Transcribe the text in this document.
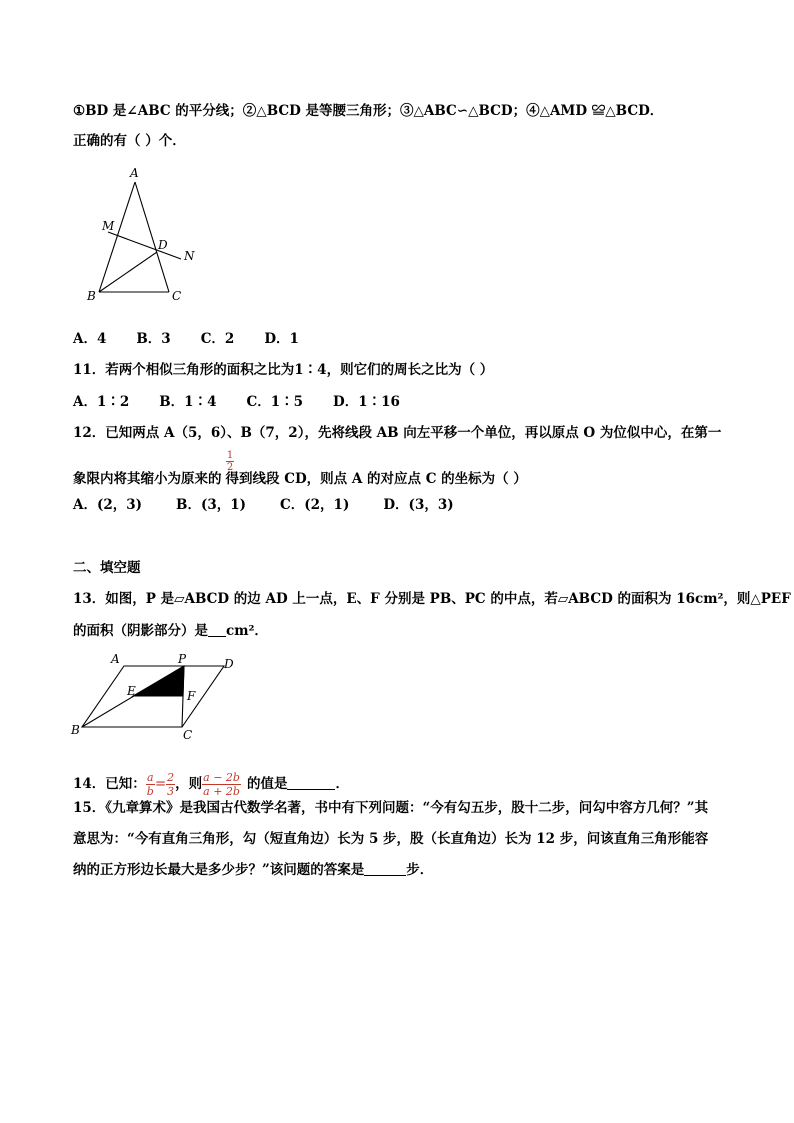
①BD 是∠ABC 的平分线；②△BCD 是等腰三角形；③△ABC∽△BCD；④△AMD ≌△BCD．
正确的有（ ）个．
A
M
D
N
B	C
A．4 B．3 C．2 D．1
11．若两个相似三角形的面积之比为1∶4，则它们的周长之比为（ ）
A．1∶2 B．1∶4 C．1∶5 D．1∶16
12．已知两点 A（5，6）、B（7，2），先将线段 AB 向左平移一个单位，再以原点 O 为位似中心，在第一
$\frac{1}{2}$
象限内将其缩小为原来的 得到线段 CD，则点 A 的对应点 C 的坐标为（ ）
A．(2，3)	B．(3，1)	C．(2，1)	D．(3，3)
二、填空题
13．如图，P 是▱ABCD 的边 AD 上一点，E、F 分别是 PB、PC 的中点，若▱ABCD 的面积为 16cm²，则△PEF
的面积（阴影部分）是 cm²．
A	P	D
E	F
B	C
14．已知： $\frac{a}{b} = \frac{2}{3}$ ，则 $\frac{a - 2b}{a + 2b}$ 的值是	．
15．《九章算术》是我国古代数学名著，书中有下列问题：“今有勾五步，股十二步，问勾中容方几何？”其
意思为：“今有直角三角形，勾（短直角边）长为 5 步，股（长直角边）长为 12 步，问该直角三角形能容
纳的正方形边长最大是多少步？”该问题的答案是	步．
